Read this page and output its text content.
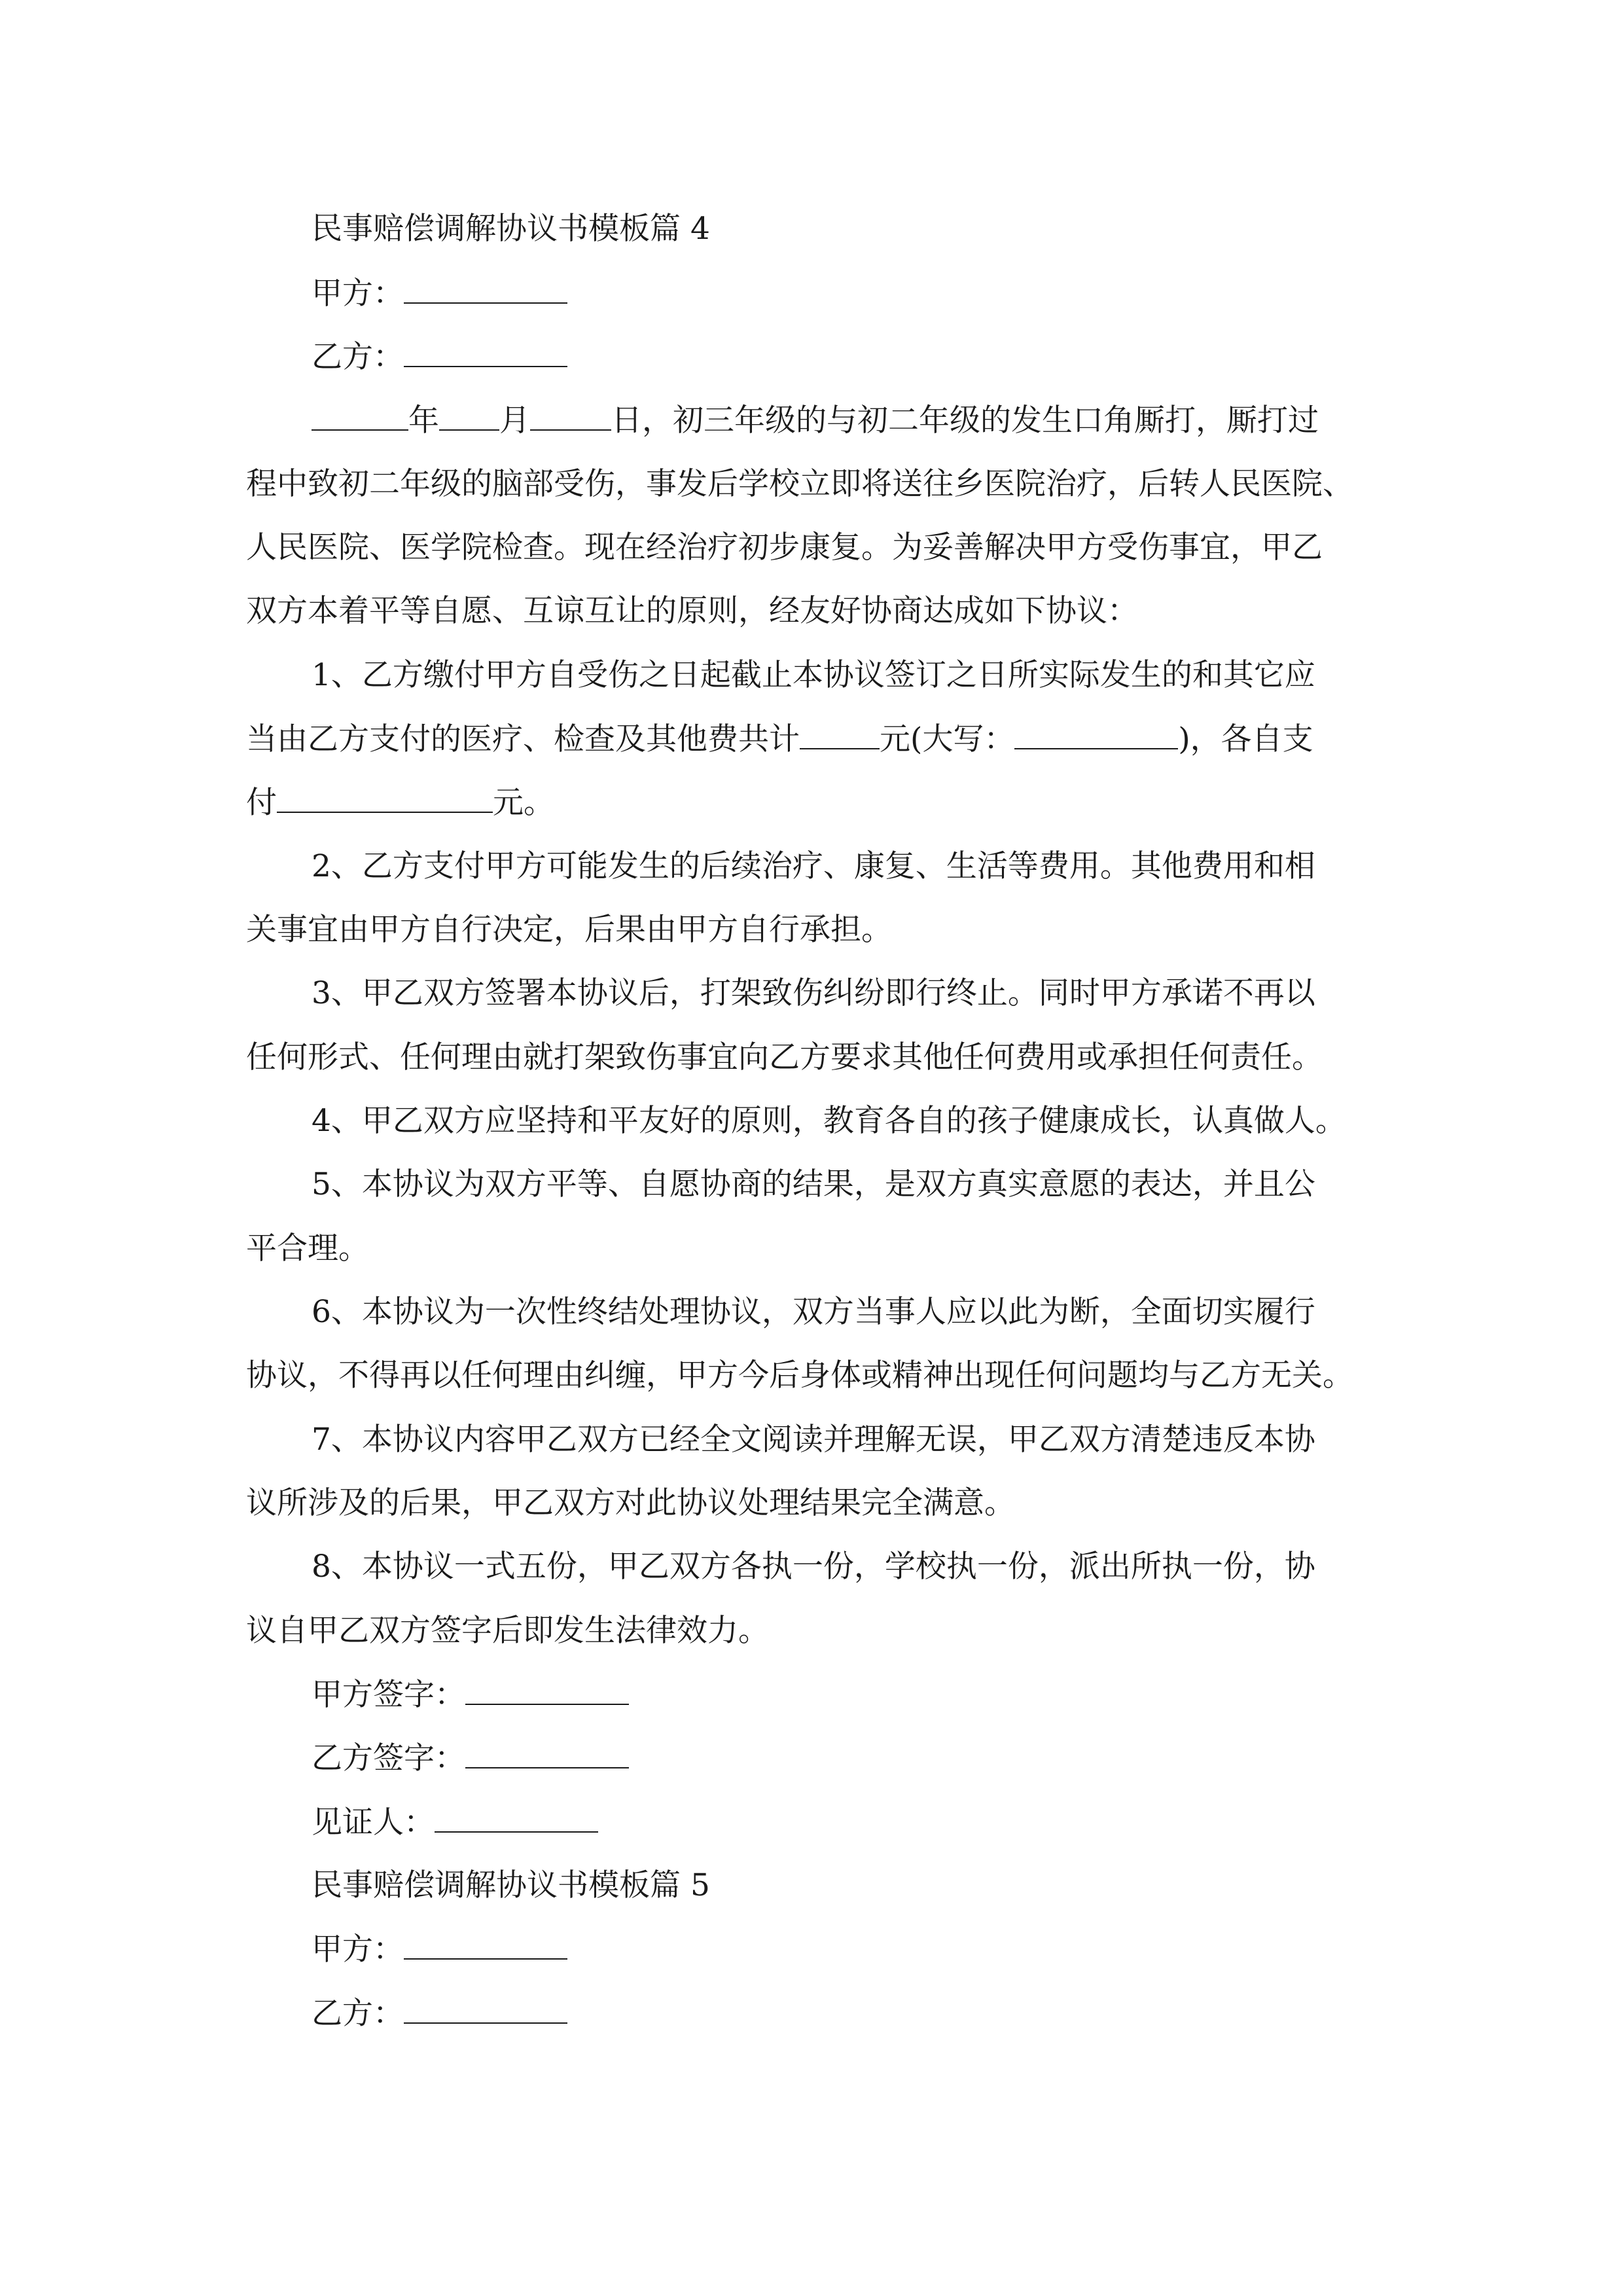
民事赔偿调解协议书模板篇 4
甲方：
乙方：
年 月	日，初三年级的与初二年级的发生口角厮打，厮打过
程中致初二年级的脑部受伤，事发后学校立即将送往乡医院治疗，后转人民医院、
人民医院、医学院检查。现在经治疗初步康复。为妥善解决甲方受伤事宜，甲乙
双方本着平等自愿、互谅互让的原则，经友好协商达成如下协议：
1、乙方缴付甲方自受伤之日起截止本协议签订之日所实际发生的和其它应
当由乙方支付的医疗、检查及其他费共计	元(大写：	)，各自支
付	元。
2、乙方支付甲方可能发生的后续治疗、康复、生活等费用。其他费用和相
关事宜由甲方自行决定，后果由甲方自行承担。
3、甲乙双方签署本协议后，打架致伤纠纷即行终止。同时甲方承诺不再以
任何形式、任何理由就打架致伤事宜向乙方要求其他任何费用或承担任何责任。
4、甲乙双方应坚持和平友好的原则，教育各自的孩子健康成长，认真做人。
5、本协议为双方平等、自愿协商的结果，是双方真实意愿的表达，并且公
平合理。
6、本协议为一次性终结处理协议，双方当事人应以此为断，全面切实履行
协议，不得再以任何理由纠缠，甲方今后身体或精神出现任何问题均与乙方无关。
7、本协议内容甲乙双方已经全文阅读并理解无误，甲乙双方清楚违反本协
议所涉及的后果，甲乙双方对此协议处理结果完全满意。
8、本协议一式五份，甲乙双方各执一份，学校执一份，派出所执一份，协
议自甲乙双方签字后即发生法律效力。
甲方签字：
乙方签字：
见证人：
民事赔偿调解协议书模板篇 5
甲方：
乙方：
